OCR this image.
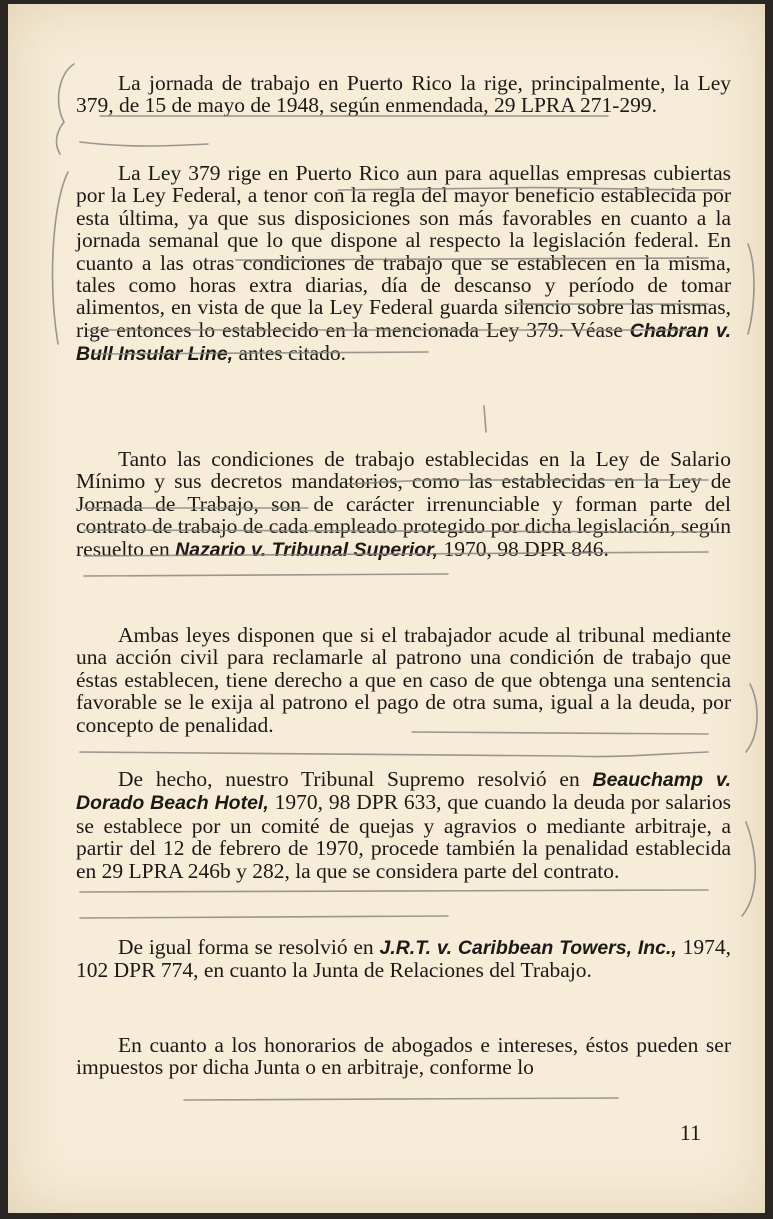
La jornada de trabajo en Puerto Rico la rige, principalmente, la Ley 379, de 15 de mayo de 1948, según enmendada, 29 LPRA 271-299.

La Ley 379 rige en Puerto Rico aun para aquellas empresas cubiertas por la Ley Federal, a tenor con la regla del mayor beneficio establecida por esta última, ya que sus disposiciones son más favorables en cuanto a la jornada semanal que lo que dispone al respecto la legislación federal. En cuanto a las otras condiciones de trabajo que se establecen en la misma, tales como horas extra diarias, día de descanso y período de tomar alimentos, en vista de que la Ley Federal guarda silencio sobre las mismas, rige entonces lo establecido en la mencionada Ley 379. Véase Chabran v. Bull Insular Line, antes citado.

Tanto las condiciones de trabajo establecidas en la Ley de Salario Mínimo y sus decretos mandatorios, como las establecidas en la Ley de Jornada de Trabajo, son de carácter irrenunciable y forman parte del contrato de trabajo de cada empleado protegido por dicha legislación, según resuelto en Nazario v. Tribunal Superior, 1970, 98 DPR 846.

Ambas leyes disponen que si el trabajador acude al tribunal mediante una acción civil para reclamarle al patrono una condición de trabajo que éstas establecen, tiene derecho a que en caso de que obtenga una sentencia favorable se le exija al patrono el pago de otra suma, igual a la deuda, por concepto de penalidad.

De hecho, nuestro Tribunal Supremo resolvió en Beauchamp v. Dorado Beach Hotel, 1970, 98 DPR 633, que cuando la deuda por salarios se establece por un comité de quejas y agravios o mediante arbitraje, a partir del 12 de febrero de 1970, procede también la penalidad establecida en 29 LPRA 246b y 282, la que se considera parte del contrato.

De igual forma se resolvió en J.R.T. v. Caribbean Towers, Inc., 1974, 102 DPR 774, en cuanto la Junta de Relaciones del Trabajo.

En cuanto a los honorarios de abogados e intereses, éstos pueden ser impuestos por dicha Junta o en arbitraje, conforme lo

11
